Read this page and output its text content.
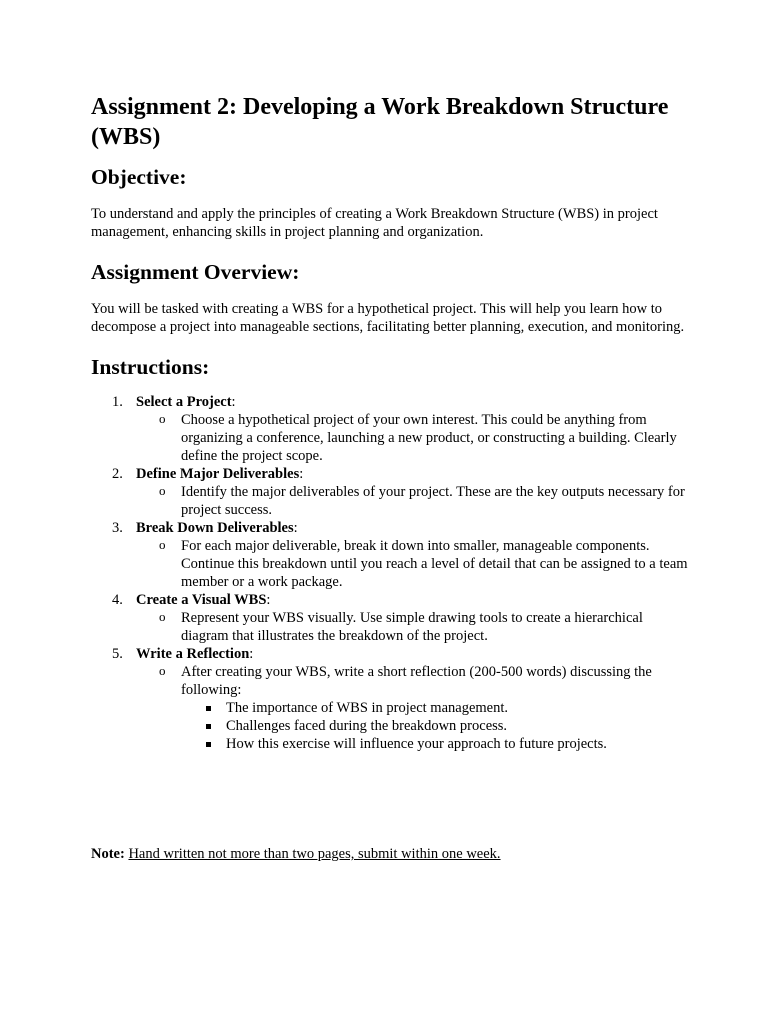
Assignment 2: Developing a Work Breakdown Structure (WBS)
Objective:

To understand and apply the principles of creating a Work Breakdown Structure (WBS) in project management, enhancing skills in project planning and organization.

Assignment Overview:

You will be tasked with creating a WBS for a hypothetical project. This will help you learn how to decompose a project into manageable sections, facilitating better planning, execution, and monitoring.

Instructions:
1. Select a Project:
o Choose a hypothetical project of your own interest. This could be anything from organizing a conference, launching a new product, or constructing a building. Clearly define the project scope.
2. Define Major Deliverables:
o Identify the major deliverables of your project. These are the key outputs necessary for project success.
3. Break Down Deliverables:
o For each major deliverable, break it down into smaller, manageable components. Continue this breakdown until you reach a level of detail that can be assigned to a team member or a work package.
4. Create a Visual WBS:
o Represent your WBS visually. Use simple drawing tools to create a hierarchical diagram that illustrates the breakdown of the project.
5. Write a Reflection:
o After creating your WBS, write a short reflection (200-500 words) discussing the following:
The importance of WBS in project management.
Challenges faced during the breakdown process.
How this exercise will influence your approach to future projects.
Note: Hand written not more than two pages, submit within one week.
